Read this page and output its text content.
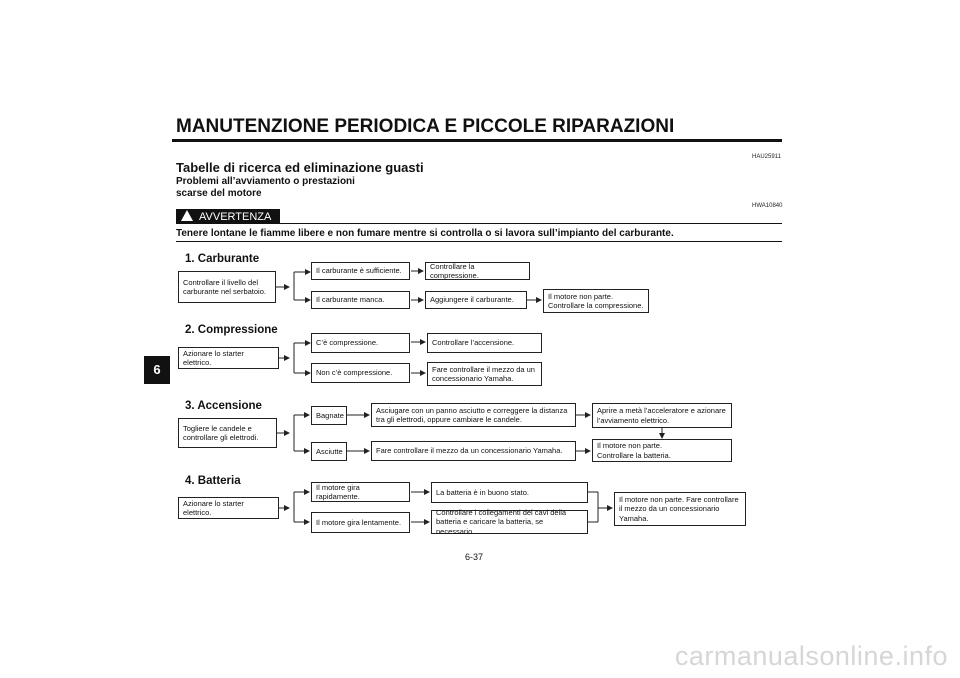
MANUTENZIONE PERIODICA E PICCOLE RIPARAZIONI
HAU25911
Tabelle di ricerca ed eliminazione guasti
Problemi all’avviamento o prestazioni
scarse del motore
HWA10840
AVVERTENZA
Tenere lontane le fiamme libere e non fumare mentre si controlla o si lavora sull’impianto del carburante.
6
1. Carburante
Controllare il livello del
carburante nel serbatoio.
Il carburante è sufficiente.
Il carburante manca.
Controllare la compressione.
Aggiungere il carburante.	Il motore non parte.
Controllare la compressione.
2. Compressione
Azionare lo starter elettrico.
C’è compressione.
Non c’è compressione.
Controllare l’accensione.
Fare controllare il mezzo da un
concessionario Yamaha.
3. Accensione
Togliere le candele e
controllare gli elettrodi.
Bagnate
Asciutte
Asciugare con un panno asciutto e correggere la distanza
tra gli elettrodi, oppure cambiare le candele.
Fare controllare il mezzo da un concessionario Yamaha.
Aprire a metà l’acceleratore e azionare
l’avviamento elettrico.
Il motore non parte.
Controllare la batteria.
4. Batteria
Azionare lo starter elettrico.
Il motore gira rapidamente.
Il motore gira lentamente.
La batteria è in buono stato.
Controllare i collegamenti dei cavi della
batteria e caricare la batteria, se necessario.
Il motore non parte. Fare controllare
il mezzo da un concessionario
Yamaha.
6-37
carmanualsonline.info
